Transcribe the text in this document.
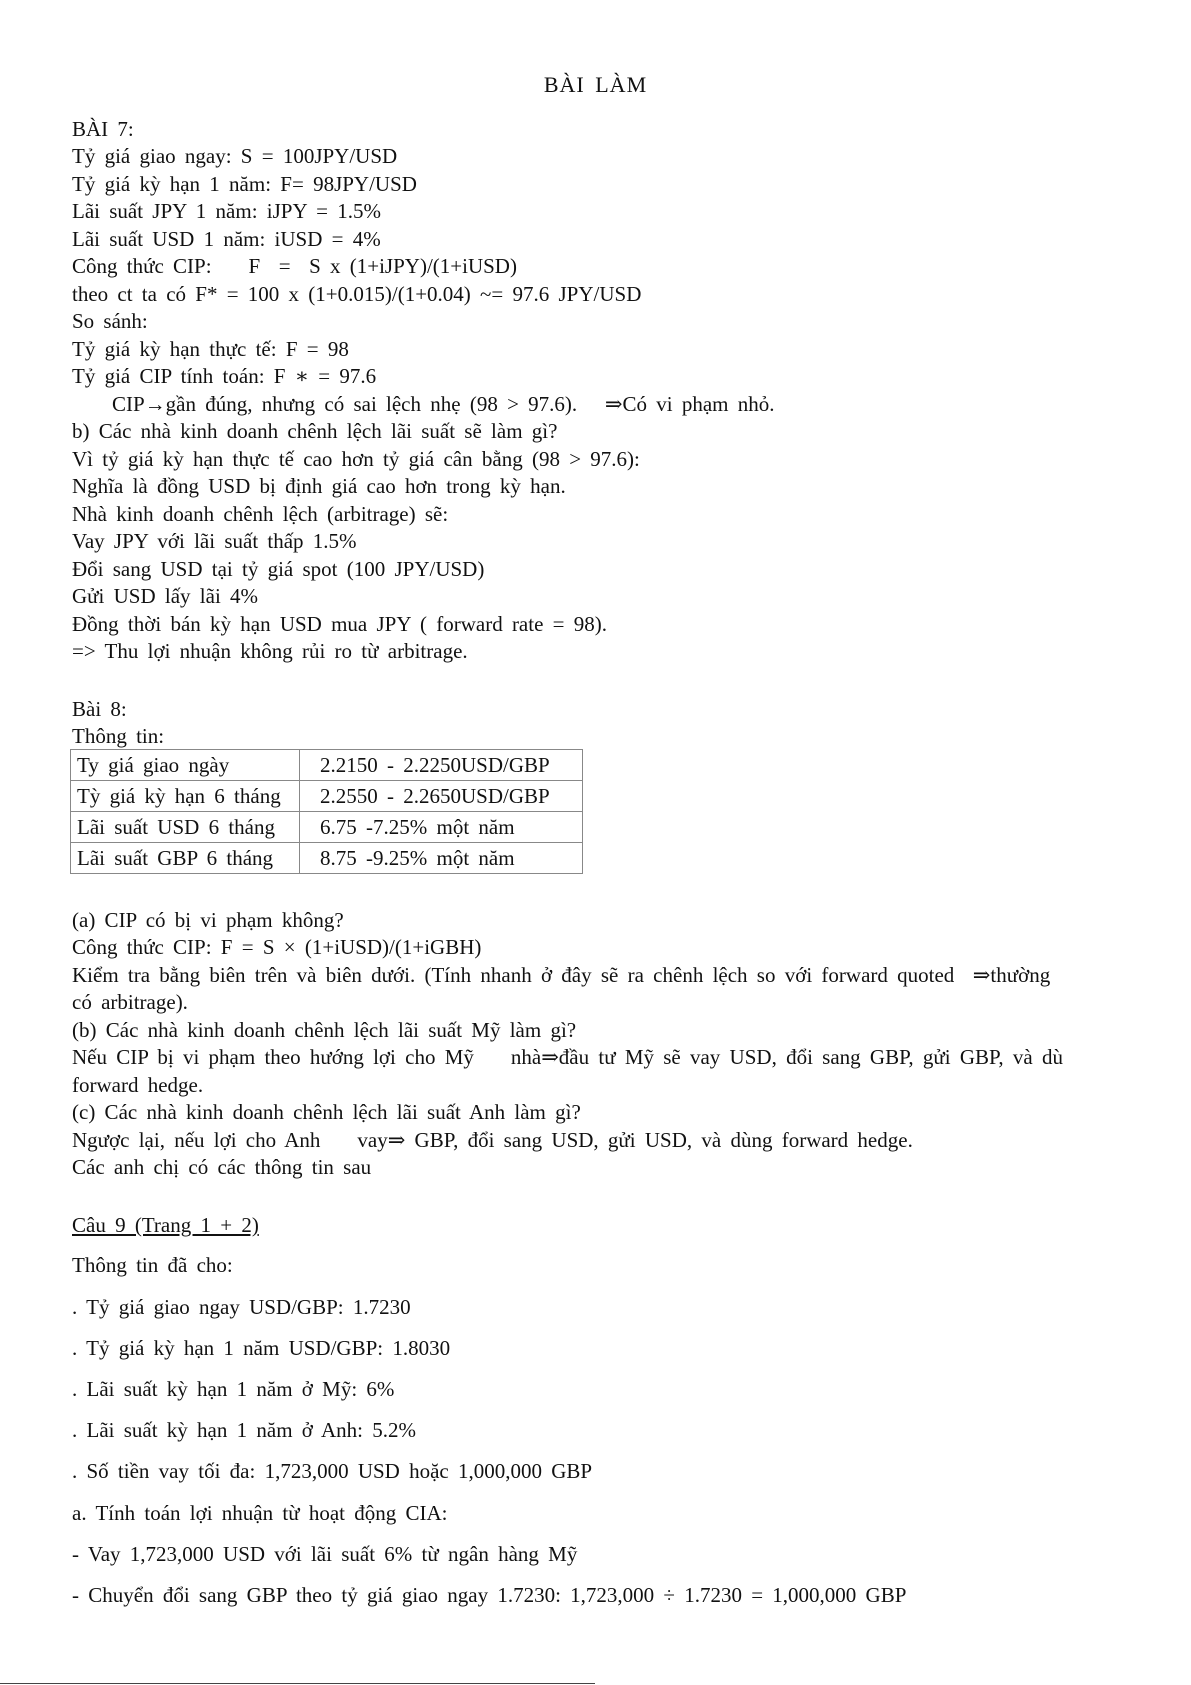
BÀI LÀM
BÀI 7:
Tỷ giá giao ngay: S = 100JPY/USD
Tỷ giá kỳ hạn 1 năm: F= 98JPY/USD
Lãi suất JPY 1 năm: iJPY = 1.5%
Lãi suất USD 1 năm: iUSD = 4%
Công thức CIP:    F  =  S x (1+iJPY)/(1+iUSD)
theo ct ta có F* = 100 x (1+0.015)/(1+0.04) ~= 97.6 JPY/USD
So sánh:
Tỷ giá kỳ hạn thực tế: F = 98
Tỷ giá CIP tính toán: F ∗ = 97.6
CIP→gần đúng, nhưng có sai lệch nhẹ (98 > 97.6).   ⇒Có vi phạm nhỏ.
b) Các nhà kinh doanh chênh lệch lãi suất sẽ làm gì?
Vì tỷ giá kỳ hạn thực tế cao hơn tỷ giá cân bằng (98 > 97.6):
Nghĩa là đồng USD bị định giá cao hơn trong kỳ hạn.
Nhà kinh doanh chênh lệch (arbitrage) sẽ:
Vay JPY với lãi suất thấp 1.5%
Đổi sang USD tại tỷ giá spot (100 JPY/USD)
Gửi USD lấy lãi 4%
Đồng thời bán kỳ hạn USD mua JPY ( forward rate = 98).
=> Thu lợi nhuận không rủi ro từ arbitrage.
Bài 8:
Thông tin:
Ty giá giao ngày	2.2150 - 2.2250USD/GBP
Tỳ giá kỳ hạn 6 tháng	2.2550 - 2.2650USD/GBP
Lãi suất USD 6 tháng	6.75 -7.25% một năm
Lãi suất GBP 6 tháng	8.75 -9.25% một năm
(a) CIP có bị vi phạm không?
Công thức CIP: F = S × (1+iUSD)/(1+iGBH)
Kiểm tra bằng biên trên và biên dưới. (Tính nhanh ở đây sẽ ra chênh lệch so với forward quoted  ⇒thường
có arbitrage).
(b) Các nhà kinh doanh chênh lệch lãi suất Mỹ làm gì?
Nếu CIP bị vi phạm theo hướng lợi cho Mỹ    nhà⇒đầu tư Mỹ sẽ vay USD, đổi sang GBP, gửi GBP, và dù
forward hedge.
(c) Các nhà kinh doanh chênh lệch lãi suất Anh làm gì?
Ngược lại, nếu lợi cho Anh    vay⇒ GBP, đổi sang USD, gửi USD, và dùng forward hedge.
Các anh chị có các thông tin sau
Câu 9 (Trang 1 + 2)
Thông tin đã cho:
. Tỷ giá giao ngay USD/GBP: 1.7230
. Tỷ giá kỳ hạn 1 năm USD/GBP: 1.8030
. Lãi suất kỳ hạn 1 năm ở Mỹ: 6%
. Lãi suất kỳ hạn 1 năm ở Anh: 5.2%
. Số tiền vay tối đa: 1,723,000 USD hoặc 1,000,000 GBP
a. Tính toán lợi nhuận từ hoạt động CIA:
- Vay 1,723,000 USD với lãi suất 6% từ ngân hàng Mỹ
- Chuyển đổi sang GBP theo tỷ giá giao ngay 1.7230: 1,723,000 ÷ 1.7230 = 1,000,000 GBP
